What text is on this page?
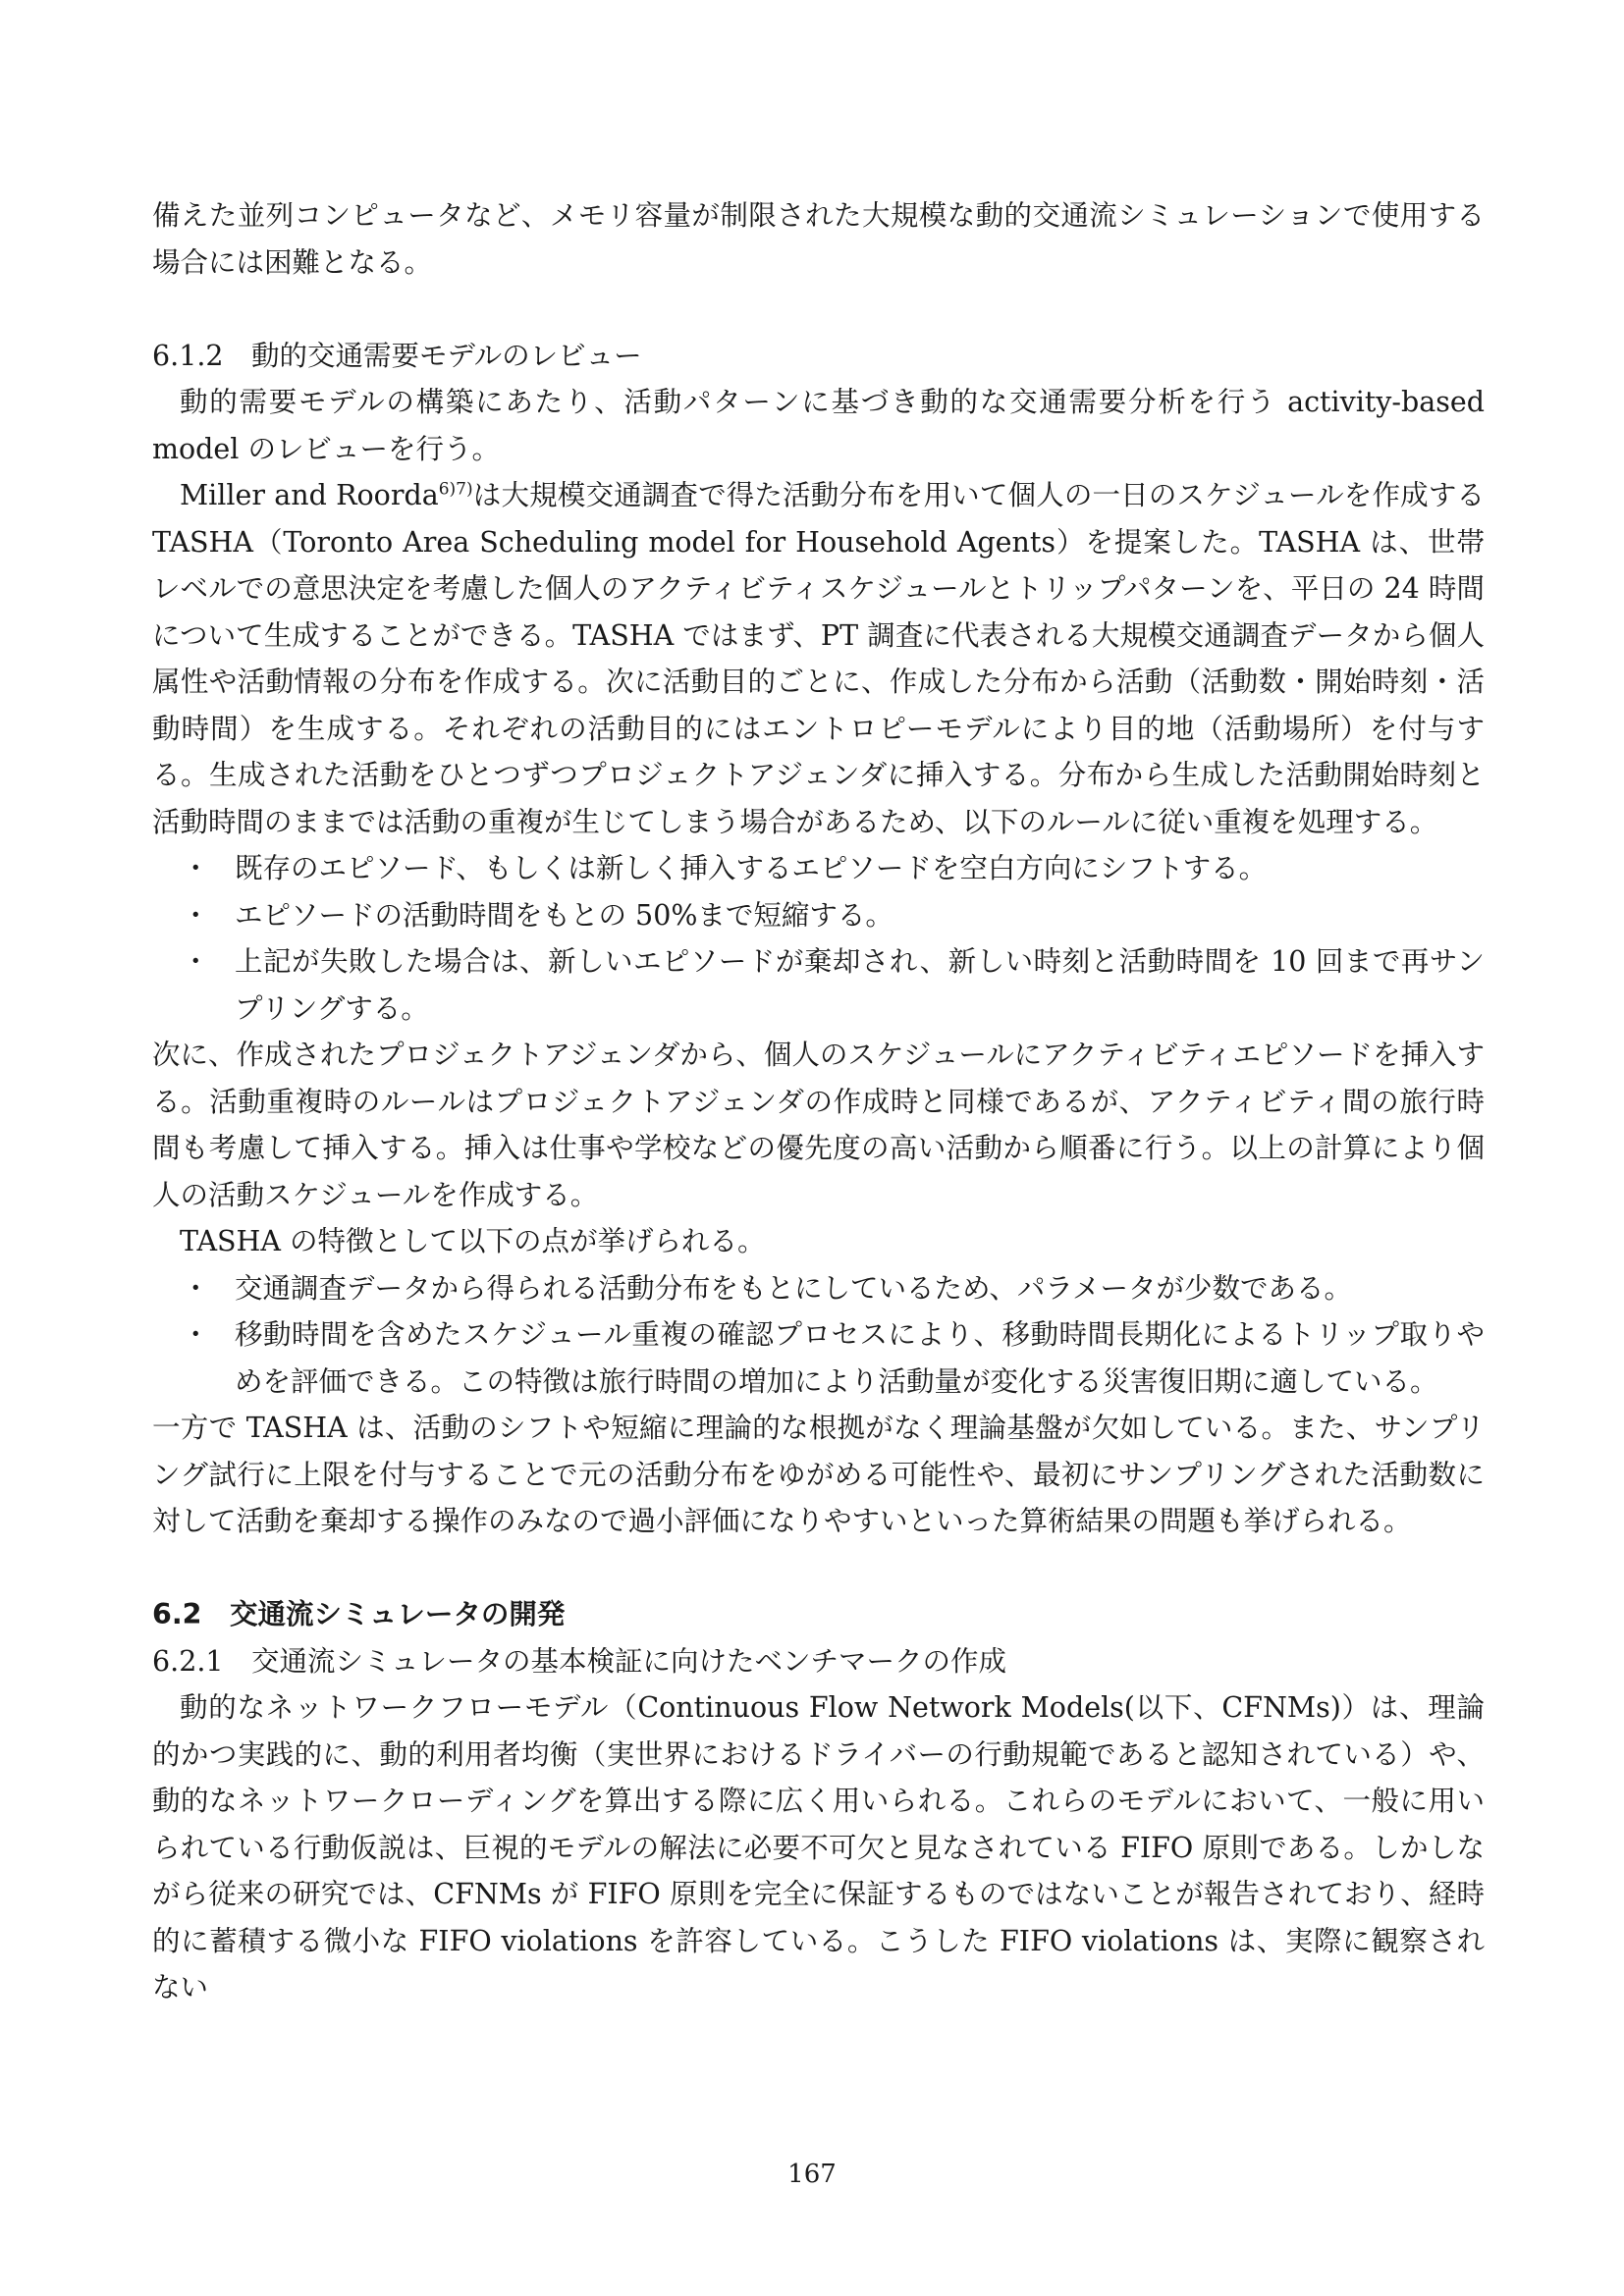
備えた並列コンピュータなど、メモリ容量が制限された大規模な動的交通流シミュレーションで使用する場合には困難となる。

6.1.2　動的交通需要モデルのレビュー

動的需要モデルの構築にあたり、活動パターンに基づき動的な交通需要分析を行う activity-based model のレビューを行う。

Miller and Roorda$^{6)7)}$は大規模交通調査で得た活動分布を用いて個人の一日のスケジュールを作成する TASHA（Toronto Area Scheduling model for Household Agents）を提案した。TASHA は、世帯レベルでの意思決定を考慮した個人のアクティビティスケジュールとトリップパターンを、平日の 24 時間について生成することができる。TASHA ではまず、PT 調査に代表される大規模交通調査データから個人属性や活動情報の分布を作成する。次に活動目的ごとに、作成した分布から活動（活動数・開始時刻・活動時間）を生成する。それぞれの活動目的にはエントロピーモデルにより目的地（活動場所）を付与する。生成された活動をひとつずつプロジェクトアジェンダに挿入する。分布から生成した活動開始時刻と活動時間のままでは活動の重複が生じてしまう場合があるため、以下のルールに従い重複を処理する。

・ 既存のエピソード、もしくは新しく挿入するエピソードを空白方向にシフトする。
・ エピソードの活動時間をもとの 50%まで短縮する。
・ 上記が失敗した場合は、新しいエピソードが棄却され、新しい時刻と活動時間を 10 回まで再サンプリングする。

次に、作成されたプロジェクトアジェンダから、個人のスケジュールにアクティビティエピソードを挿入する。活動重複時のルールはプロジェクトアジェンダの作成時と同様であるが、アクティビティ間の旅行時間も考慮して挿入する。挿入は仕事や学校などの優先度の高い活動から順番に行う。以上の計算により個人の活動スケジュールを作成する。

TASHA の特徴として以下の点が挙げられる。

・ 交通調査データから得られる活動分布をもとにしているため、パラメータが少数である。
・ 移動時間を含めたスケジュール重複の確認プロセスにより、移動時間長期化によるトリップ取りやめを評価できる。この特徴は旅行時間の増加により活動量が変化する災害復旧期に適している。

一方で TASHA は、活動のシフトや短縮に理論的な根拠がなく理論基盤が欠如している。また、サンプリング試行に上限を付与することで元の活動分布をゆがめる可能性や、最初にサンプリングされた活動数に対して活動を棄却する操作のみなので過小評価になりやすいといった算術結果の問題も挙げられる。

6.2　交通流シミュレータの開発
6.2.1　交通流シミュレータの基本検証に向けたベンチマークの作成

動的なネットワークフローモデル（Continuous Flow Network Models(以下、CFNMs)）は、理論的かつ実践的に、動的利用者均衡（実世界におけるドライバーの行動規範であると認知されている）や、動的なネットワークローディングを算出する際に広く用いられる。これらのモデルにおいて、一般に用いられている行動仮説は、巨視的モデルの解法に必要不可欠と見なされている FIFO 原則である。しかしながら従来の研究では、CFNMs が FIFO 原則を完全に保証するものではないことが報告されており、経時的に蓄積する微小な FIFO violations を許容している。こうした FIFO violations は、実際に観察されない

167
